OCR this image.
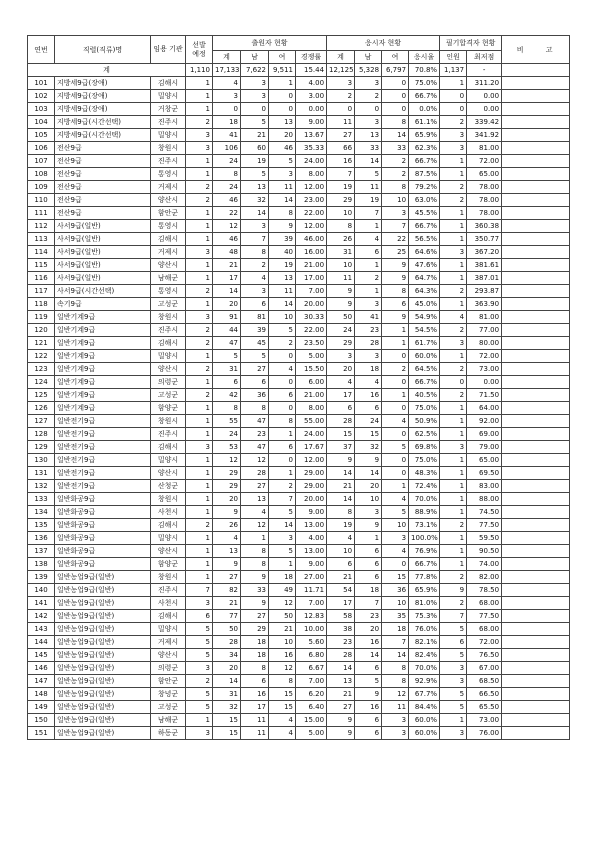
연번	직렬(직류)명	임용 기관	선발 예정	출원자 현황				응시자 현황				필기합격자 현황		비 고
				계	남	여	경쟁률	계	남	여	응시율	인원	최저점	
계			1,110	17,133	7,622	9,511	15.44	12,125	5,328	6,797	70.8%	1,137	-	
101	지방세9급(장애)	김해시	1	4	3	1	4.00	3	3	0	75.0%	1	311.20	
102	지방세9급(장애)	밀양시	1	3	3	0	3.00	2	2	0	66.7%	0	0.00	
103	지방세9급(장애)	거창군	1	0	0	0	0.00	0	0	0	0.0%	0	0.00	
104	지방세9급(시간선택)	진주시	2	18	5	13	9.00	11	3	8	61.1%	2	339.42	
105	지방세9급(시간선택)	밀양시	3	41	21	20	13.67	27	13	14	65.9%	3	341.92	
106	전산9급	창원시	3	106	60	46	35.33	66	33	33	62.3%	3	81.00	
107	전산9급	진주시	1	24	19	5	24.00	16	14	2	66.7%	1	72.00	
108	전산9급	통영시	1	8	5	3	8.00	7	5	2	87.5%	1	65.00	
109	전산9급	거제시	2	24	13	11	12.00	19	11	8	79.2%	2	78.00	
110	전산9급	양산시	2	46	32	14	23.00	29	19	10	63.0%	2	78.00	
111	전산9급	함안군	1	22	14	8	22.00	10	7	3	45.5%	1	78.00	
112	사서9급(일반)	통영시	1	12	3	9	12.00	8	1	7	66.7%	1	360.38	
113	사서9급(일반)	김해시	1	46	7	39	46.00	26	4	22	56.5%	1	350.77	
114	사서9급(일반)	거제시	3	48	8	40	16.00	31	6	25	64.6%	3	367.20	
115	사서9급(일반)	양산시	1	21	2	19	21.00	10	1	9	47.6%	1	381.61	
116	사서9급(일반)	남해군	1	17	4	13	17.00	11	2	9	64.7%	1	387.01	
117	사서9급(시간선택)	통영시	2	14	3	11	7.00	9	1	8	64.3%	2	293.87	
118	속기9급	고성군	1	20	6	14	20.00	9	3	6	45.0%	1	363.90	
119	일반기계9급	창원시	3	91	81	10	30.33	50	41	9	54.9%	4	81.00	
120	일반기계9급	진주시	2	44	39	5	22.00	24	23	1	54.5%	2	77.00	
121	일반기계9급	김해시	2	47	45	2	23.50	29	28	1	61.7%	3	80.00	
122	일반기계9급	밀양시	1	5	5	0	5.00	3	3	0	60.0%	1	72.00	
123	일반기계9급	양산시	2	31	27	4	15.50	20	18	2	64.5%	2	73.00	
124	일반기계9급	의령군	1	6	6	0	6.00	4	4	0	66.7%	0	0.00	
125	일반기계9급	고성군	2	42	36	6	21.00	17	16	1	40.5%	2	71.50	
126	일반기계9급	함양군	1	8	8	0	8.00	6	6	0	75.0%	1	64.00	
127	일반전기9급	창원시	1	55	47	8	55.00	28	24	4	50.9%	1	92.00	
128	일반전기9급	진주시	1	24	23	1	24.00	15	15	0	62.5%	1	69.00	
129	일반전기9급	김해시	3	53	47	6	17.67	37	32	5	69.8%	3	79.00	
130	일반전기9급	밀양시	1	12	12	0	12.00	9	9	0	75.0%	1	65.00	
131	일반전기9급	양산시	1	29	28	1	29.00	14	14	0	48.3%	1	69.50	
132	일반전기9급	산청군	1	29	27	2	29.00	21	20	1	72.4%	1	83.00	
133	일반화공9급	창원시	1	20	13	7	20.00	14	10	4	70.0%	1	88.00	
134	일반화공9급	사천시	1	9	4	5	9.00	8	3	5	88.9%	1	74.50	
135	일반화공9급	김해시	2	26	12	14	13.00	19	9	10	73.1%	2	77.50	
136	일반화공9급	밀양시	1	4	1	3	4.00	4	1	3	100.0%	1	59.50	
137	일반화공9급	양산시	1	13	8	5	13.00	10	6	4	76.9%	1	90.50	
138	일반화공9급	함양군	1	9	8	1	9.00	6	6	0	66.7%	1	74.00	
139	일반농업9급(일반)	창원시	1	27	9	18	27.00	21	6	15	77.8%	2	82.00	
140	일반농업9급(일반)	진주시	7	82	33	49	11.71	54	18	36	65.9%	9	78.50	
141	일반농업9급(일반)	사천시	3	21	9	12	7.00	17	7	10	81.0%	2	68.00	
142	일반농업9급(일반)	김해시	6	77	27	50	12.83	58	23	35	75.3%	7	77.50	
143	일반농업9급(일반)	밀양시	5	50	29	21	10.00	38	20	18	76.0%	5	68.00	
144	일반농업9급(일반)	거제시	5	28	18	10	5.60	23	16	7	82.1%	6	72.00	
145	일반농업9급(일반)	양산시	5	34	18	16	6.80	28	14	14	82.4%	5	76.50	
146	일반농업9급(일반)	의령군	3	20	8	12	6.67	14	6	8	70.0%	3	67.00	
147	일반농업9급(일반)	함안군	2	14	6	8	7.00	13	5	8	92.9%	3	68.50	
148	일반농업9급(일반)	창녕군	5	31	16	15	6.20	21	9	12	67.7%	5	66.50	
149	일반농업9급(일반)	고성군	5	32	17	15	6.40	27	16	11	84.4%	5	65.50	
150	일반농업9급(일반)	남해군	1	15	11	4	15.00	9	6	3	60.0%	1	73.00	
151	일반농업9급(일반)	하동군	3	15	11	4	5.00	9	6	3	60.0%	3	76.00	
